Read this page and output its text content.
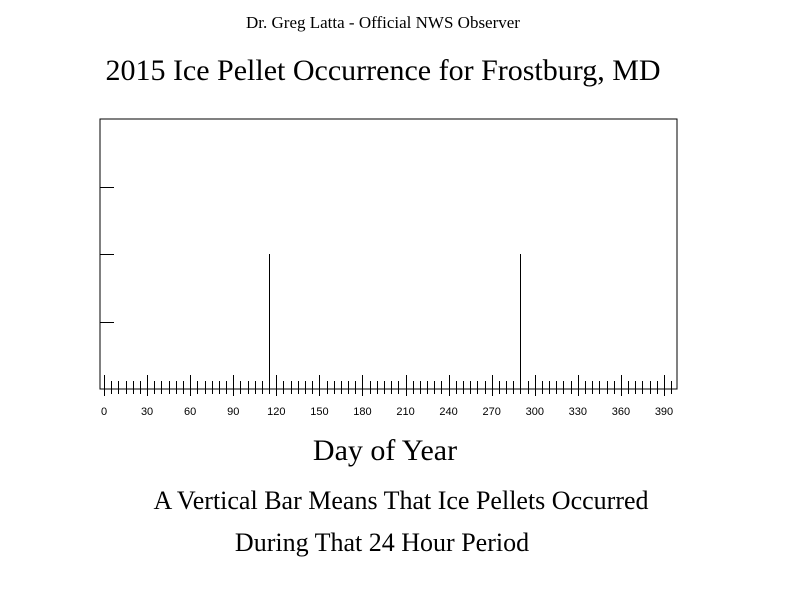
Dr. Greg Latta - Official NWS Observer
2015 Ice Pellet Occurrence for Frostburg, MD
0	30	60	90	120 150 180 210 240 270 300 330 360 390
Day of Year
A Vertical Bar Means That Ice Pellets Occurred
During That 24 Hour Period
